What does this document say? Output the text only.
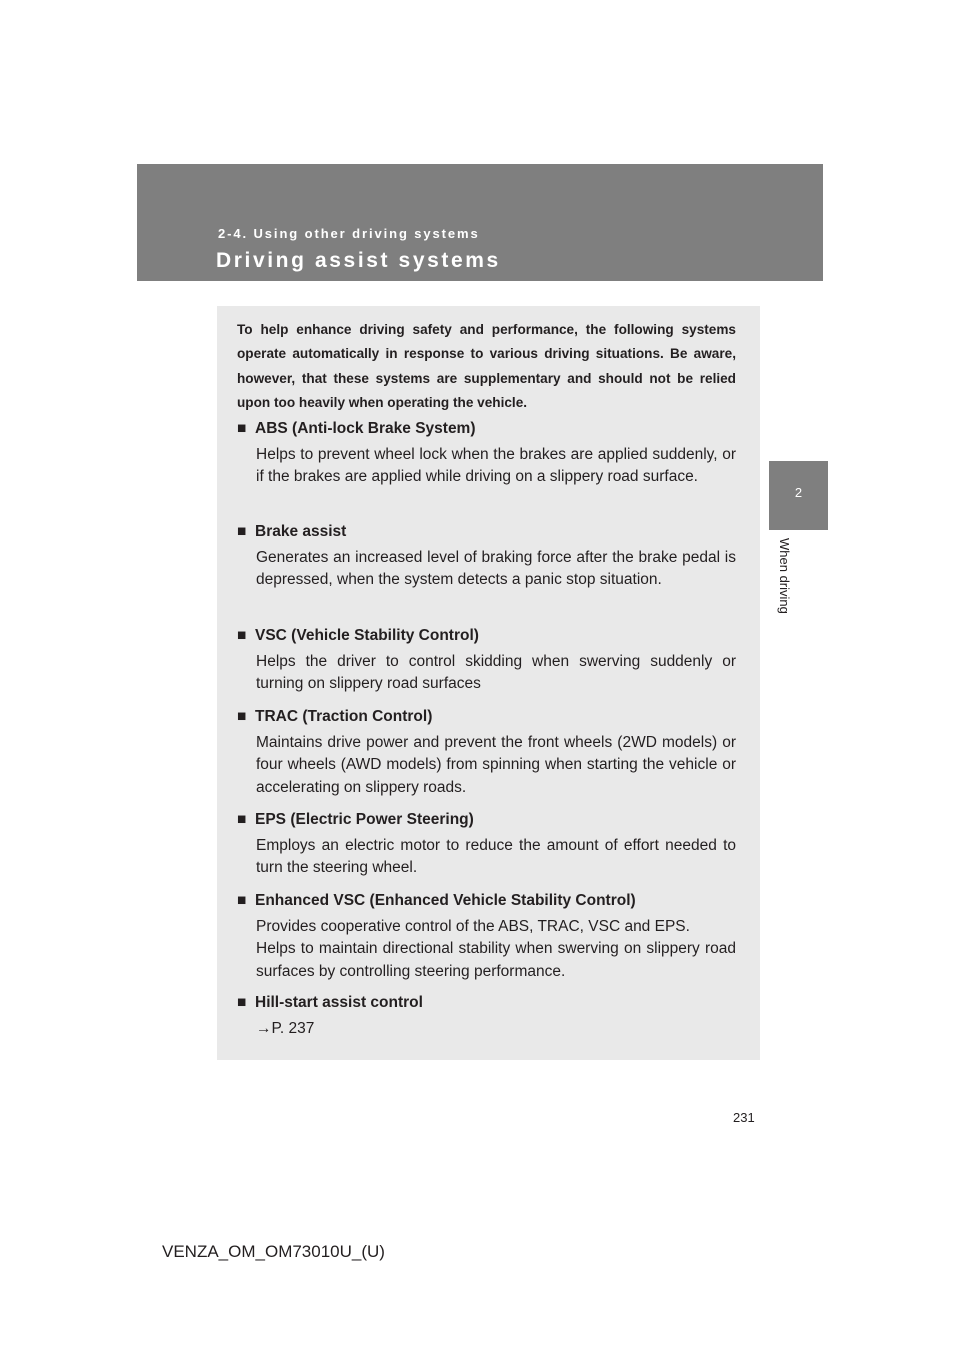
2-4. Using other driving systems
Driving assist systems
2
When driving
To help enhance driving safety and performance, the following systems operate automatically in response to various driving situations. Be aware, however, that these systems are supplementary and should not be relied upon too heavily when operating the vehicle.
■ ABS (Anti-lock Brake System)

Helps to prevent wheel lock when the brakes are applied suddenly, or if the brakes are applied while driving on a slippery road surface.

■ Brake assist

Generates an increased level of braking force after the brake pedal is depressed, when the system detects a panic stop situation.

■ VSC (Vehicle Stability Control)

Helps the driver to control skidding when swerving suddenly or turning on slippery road surfaces

■ TRAC (Traction Control)

Maintains drive power and prevent the front wheels (2WD models) or four wheels (AWD models) from spinning when starting the vehicle or accelerating on slippery roads.

■ EPS (Electric Power Steering)

Employs an electric motor to reduce the amount of effort needed to turn the steering wheel.

■ Enhanced VSC (Enhanced Vehicle Stability Control)

Provides cooperative control of the ABS, TRAC, VSC and EPS.

Helps to maintain directional stability when swerving on slippery road surfaces by controlling steering performance.

■ Hill-start assist control

→P. 237

231
VENZA_OM_OM73010U_(U)
